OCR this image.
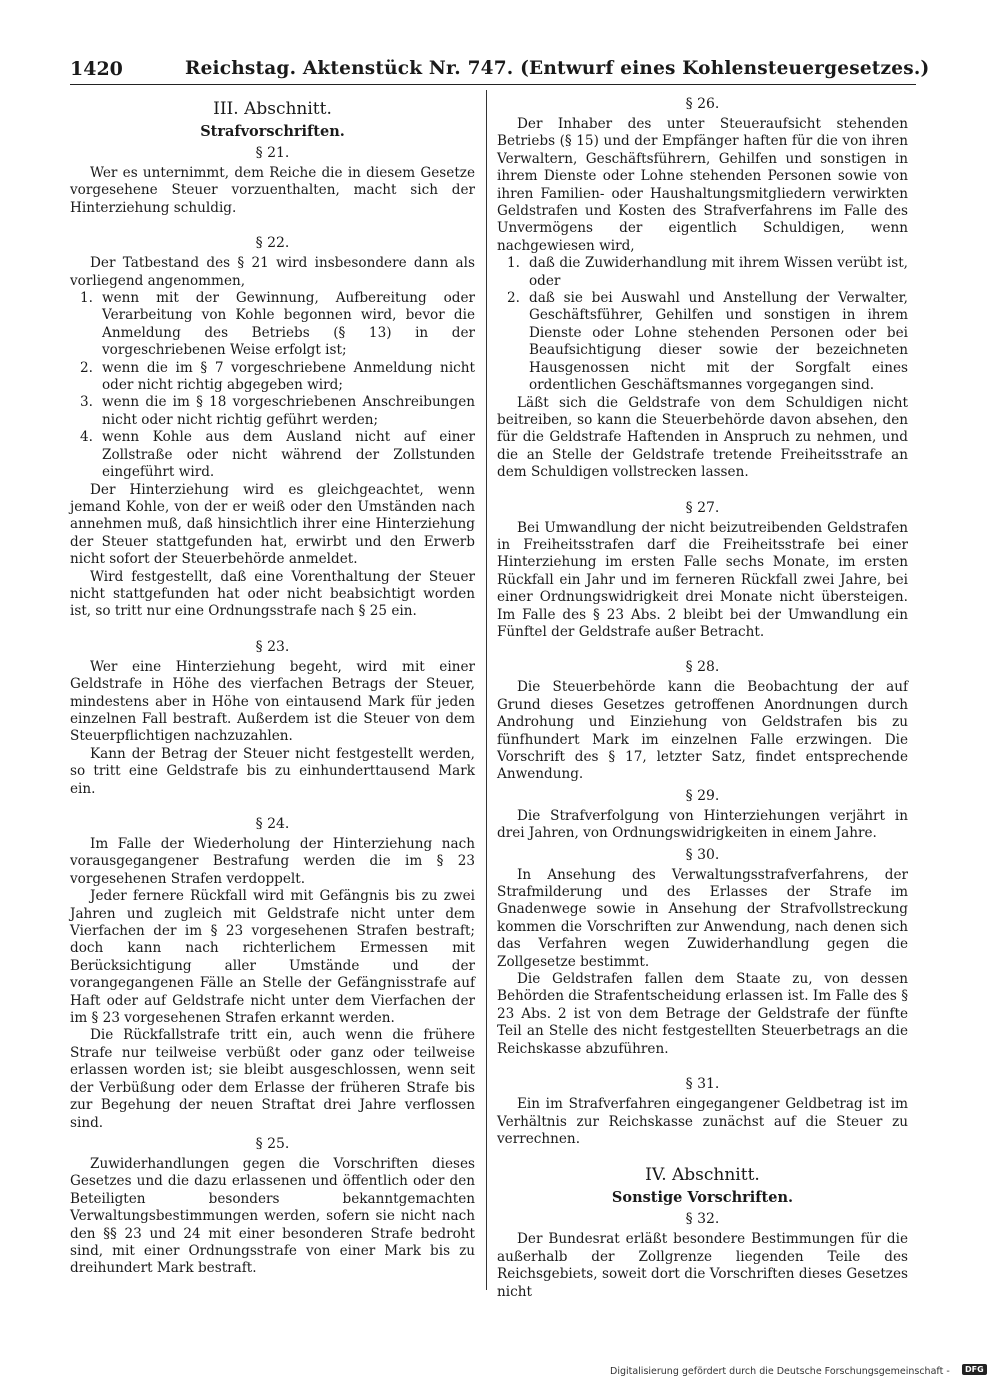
1420	Reichstag. Aktenstück Nr. 747. (Entwurf eines Kohlensteuergesetzes.)
III. Abschnitt.
Strafvorschriften.
§ 21.

Wer es unternimmt, dem Reiche die in diesem Gesetze vorgesehene Steuer vorzuenthalten, macht sich der Hinterziehung schuldig.

§ 22.

Der Tatbestand des § 21 wird insbesondere dann als vorliegend angenommen,

1. wenn mit der Gewinnung, Aufbereitung oder Verarbeitung von Kohle begonnen wird, bevor die Anmeldung des Betriebs (§ 13) in der vorgeschriebenen Weise erfolgt ist;
2. wenn die im § 7 vorgeschriebene Anmeldung nicht oder nicht richtig abgegeben wird;
3. wenn die im § 18 vorgeschriebenen Anschreibungen nicht oder nicht richtig geführt werden;
4. wenn Kohle aus dem Ausland nicht auf einer Zollstraße oder nicht während der Zollstunden eingeführt wird.

Der Hinterziehung wird es gleichgeachtet, wenn jemand Kohle, von der er weiß oder den Umständen nach annehmen muß, daß hinsichtlich ihrer eine Hinterziehung der Steuer stattgefunden hat, erwirbt und den Erwerb nicht sofort der Steuerbehörde anmeldet.

Wird festgestellt, daß eine Vorenthaltung der Steuer nicht stattgefunden hat oder nicht beabsichtigt worden ist, so tritt nur eine Ordnungsstrafe nach § 25 ein.

§ 23.

Wer eine Hinterziehung begeht, wird mit einer Geldstrafe in Höhe des vierfachen Betrags der Steuer, mindestens aber in Höhe von eintausend Mark für jeden einzelnen Fall bestraft. Außerdem ist die Steuer von dem Steuerpflichtigen nachzuzahlen.

Kann der Betrag der Steuer nicht festgestellt werden, so tritt eine Geldstrafe bis zu einhunderttausend Mark ein.

§ 24.

Im Falle der Wiederholung der Hinterziehung nach vorausgegangener Bestrafung werden die im § 23 vorgesehenen Strafen verdoppelt.

Jeder fernere Rückfall wird mit Gefängnis bis zu zwei Jahren und zugleich mit Geldstrafe nicht unter dem Vierfachen der im § 23 vorgesehenen Strafen bestraft; doch kann nach richterlichem Ermessen mit Berücksichtigung aller Umstände und der vorangegangenen Fälle an Stelle der Gefängnisstrafe auf Haft oder auf Geldstrafe nicht unter dem Vierfachen der im § 23 vorgesehenen Strafen erkannt werden.

Die Rückfallstrafe tritt ein, auch wenn die frühere Strafe nur teilweise verbüßt oder ganz oder teilweise erlassen worden ist; sie bleibt ausgeschlossen, wenn seit der Verbüßung oder dem Erlasse der früheren Strafe bis zur Begehung der neuen Straftat drei Jahre verflossen sind.

§ 25.

Zuwiderhandlungen gegen die Vorschriften dieses Gesetzes und die dazu erlassenen und öffentlich oder den Beteiligten besonders bekanntgemachten Verwaltungsbestimmungen werden, sofern sie nicht nach den §§ 23 und 24 mit einer besonderen Strafe bedroht sind, mit einer Ordnungsstrafe von einer Mark bis zu dreihundert Mark bestraft.

§ 26.

Der Inhaber des unter Steueraufsicht stehenden Betriebs (§ 15) und der Empfänger haften für die von ihren Verwaltern, Geschäftsführern, Gehilfen und sonstigen in ihrem Dienste oder Lohne stehenden Personen sowie von ihren Familien- oder Haushaltungsmitgliedern verwirkten Geldstrafen und Kosten des Strafverfahrens im Falle des Unvermögens der eigentlich Schuldigen, wenn nachgewiesen wird,

1. daß die Zuwiderhandlung mit ihrem Wissen verübt ist, oder
2. daß sie bei Auswahl und Anstellung der Verwalter, Geschäftsführer, Gehilfen und sonstigen in ihrem Dienste oder Lohne stehenden Personen oder bei Beaufsichtigung dieser sowie der bezeichneten Hausgenossen nicht mit der Sorgfalt eines ordentlichen Geschäftsmannes vorgegangen sind.

Läßt sich die Geldstrafe von dem Schuldigen nicht beitreiben, so kann die Steuerbehörde davon absehen, den für die Geldstrafe Haftenden in Anspruch zu nehmen, und die an Stelle der Geldstrafe tretende Freiheitsstrafe an dem Schuldigen vollstrecken lassen.

§ 27.

Bei Umwandlung der nicht beizutreibenden Geldstrafen in Freiheitsstrafen darf die Freiheitsstrafe bei einer Hinterziehung im ersten Falle sechs Monate, im ersten Rückfall ein Jahr und im ferneren Rückfall zwei Jahre, bei einer Ordnungswidrigkeit drei Monate nicht übersteigen. Im Falle des § 23 Abs. 2 bleibt bei der Umwandlung ein Fünftel der Geldstrafe außer Betracht.

§ 28.

Die Steuerbehörde kann die Beobachtung der auf Grund dieses Gesetzes getroffenen Anordnungen durch Androhung und Einziehung von Geldstrafen bis zu fünfhundert Mark im einzelnen Falle erzwingen. Die Vorschrift des § 17, letzter Satz, findet entsprechende Anwendung.

§ 29.

Die Strafverfolgung von Hinterziehungen verjährt in drei Jahren, von Ordnungswidrigkeiten in einem Jahre.

§ 30.

In Ansehung des Verwaltungsstrafverfahrens, der Strafmilderung und des Erlasses der Strafe im Gnadenwege sowie in Ansehung der Strafvollstreckung kommen die Vorschriften zur Anwendung, nach denen sich das Verfahren wegen Zuwiderhandlung gegen die Zollgesetze bestimmt.

Die Geldstrafen fallen dem Staate zu, von dessen Behörden die Strafentscheidung erlassen ist. Im Falle des § 23 Abs. 2 ist von dem Betrage der Geldstrafe der fünfte Teil an Stelle des nicht festgestellten Steuerbetrags an die Reichskasse abzuführen.

§ 31.

Ein im Strafverfahren eingegangener Geldbetrag ist im Verhältnis zur Reichskasse zunächst auf die Steuer zu verrechnen.

IV. Abschnitt.
Sonstige Vorschriften.
§ 32.

Der Bundesrat erläßt besondere Bestimmungen für die außerhalb der Zollgrenze liegenden Teile des Reichsgebiets, soweit dort die Vorschriften dieses Gesetzes nicht

Digitalisierung gefördert durch die Deutsche Forschungsgemeinschaft -	DFG
